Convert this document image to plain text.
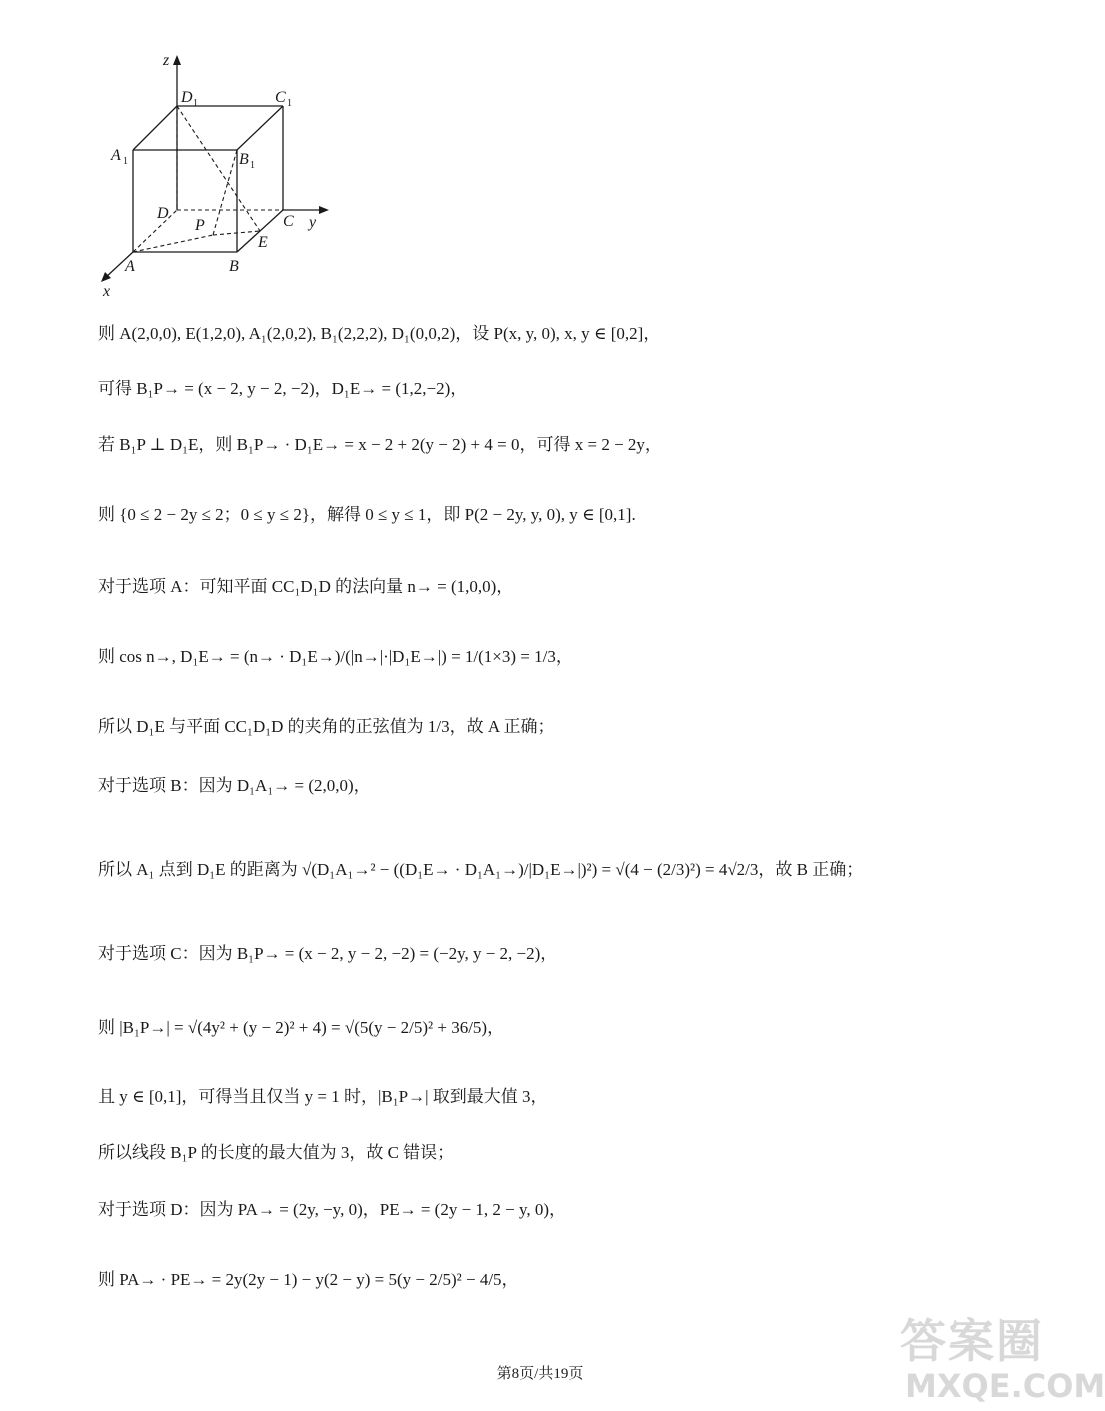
z
y
x
D 1	C 1
A 1	B 1
D	C
P
E
A	B
则 A(2,0,0), E(1,2,0), A₁(2,0,2), B₁(2,2,2), D₁(0,0,2)，设 P(x, y, 0), x, y ∈ [0,2]，
可得 B₁P→ = (x − 2, y − 2, −2)，D₁E→ = (1,2,−2)，
若 B₁P ⊥ D₁E，则 B₁P→ · D₁E→ = x − 2 + 2(y − 2) + 4 = 0，可得 x = 2 − 2y，
则 {0 ≤ 2 − 2y ≤ 2；0 ≤ y ≤ 2}，解得 0 ≤ y ≤ 1，即 P(2 − 2y, y, 0), y ∈ [0,1].
对于选项 A：可知平面 CC₁D₁D 的法向量 n→ = (1,0,0)，
则 cos n→, D₁E→ = (n→ · D₁E→)/(|n→|·|D₁E→|) = 1/(1×3) = 1/3，
所以 D₁E 与平面 CC₁D₁D 的夹角的正弦值为 1/3，故 A 正确；
对于选项 B：因为 D₁A₁→ = (2,0,0)，
所以 A₁ 点到 D₁E 的距离为 √(D₁A₁→² − ((D₁E→ · D₁A₁→)/|D₁E→|)²) = √(4 − (2/3)²) = 4√2/3，故 B 正确；
对于选项 C：因为 B₁P→ = (x − 2, y − 2, −2) = (−2y, y − 2, −2)，
则 |B₁P→| = √(4y² + (y − 2)² + 4) = √(5(y − 2/5)² + 36/5)，
且 y ∈ [0,1]，可得当且仅当 y = 1 时，|B₁P→| 取到最大值 3，
所以线段 B₁P 的长度的最大值为 3，故 C 错误；
对于选项 D：因为 PA→ = (2y, −y, 0)，PE→ = (2y − 1, 2 − y, 0)，
则 PA→ · PE→ = 2y(2y − 1) − y(2 − y) = 5(y − 2/5)² − 4/5，
答案圈
MXQE.COM
第8页/共19页
